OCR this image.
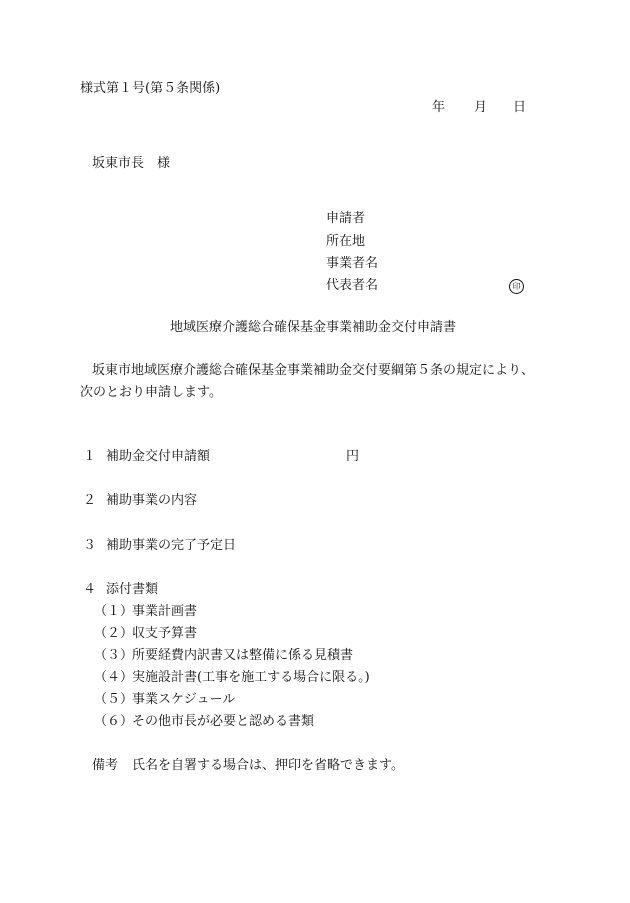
様式第１号(第５条関係)
年 月 日
坂東市長　様
申請者
所在地
事業者名
代表者名	印
地域医療介護総合確保基金事業補助金交付申請書
坂東市地域医療介護総合確保基金事業補助金交付要綱第５条の規定により、
次のとおり申請します。
１ 補助金交付申請額	円
２ 補助事業の内容
３ 補助事業の完了予定日
４ 添付書類
（１）
事業計画書
（２）
収支予算書
（３）
所要経費内訳書又は整備に係る見積書
（４）
実施設計書(工事を施工する場合に限る。)
（５）
事業スケジュール
（６）
その他市長が必要と認める書類
備考 氏名を自署する場合は、押印を省略できます。
